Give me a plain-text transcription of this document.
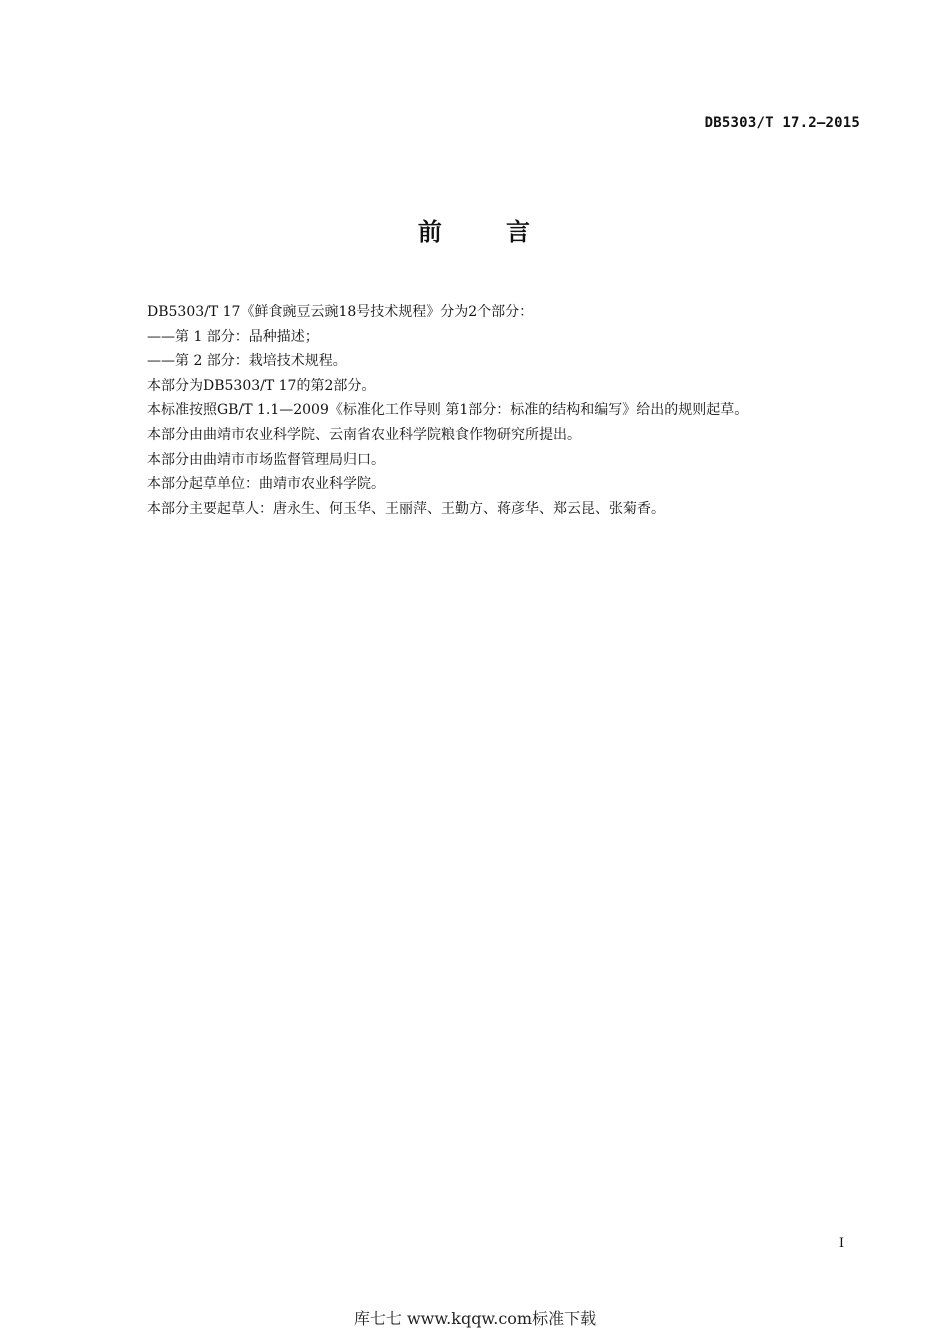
DB5303/T 17.2—2015
前      言
DB5303/T 17《鲜食豌豆云豌18号技术规程》分为2个部分：
——第 1 部分：品种描述；
——第 2 部分：栽培技术规程。
本部分为DB5303/T 17的第2部分。
本标准按照GB/T 1.1—2009《标准化工作导则 第1部分：标准的结构和编写》给出的规则起草。
本部分由曲靖市农业科学院、云南省农业科学院粮食作物研究所提出。
本部分由曲靖市市场监督管理局归口。
本部分起草单位：曲靖市农业科学院。
本部分主要起草人：唐永生、何玉华、王丽萍、王勤方、蒋彦华、郑云昆、张菊香。
I
库七七 www.kqqw.com标准下载
